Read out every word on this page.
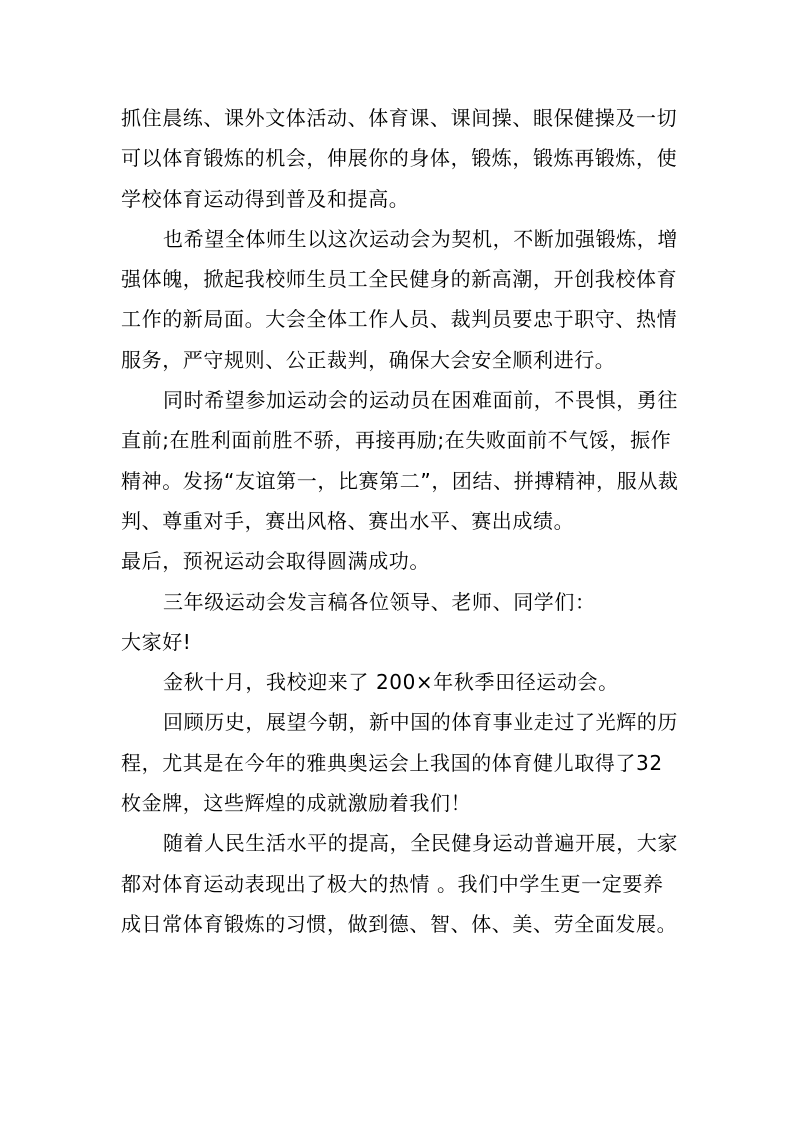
抓住晨练、课外文体活动、体育课、课间操、眼保健操及一切可以体育锻炼的机会，伸展你的身体，锻炼，锻炼再锻炼，使学校体育运动得到普及和提高。

也希望全体师生以这次运动会为契机，不断加强锻炼，增强体魄，掀起我校师生员工全民健身的新高潮，开创我校体育工作的新局面。大会全体工作人员、裁判员要忠于职守、热情服务，严守规则、公正裁判，确保大会安全顺利进行。

同时希望参加运动会的运动员在困难面前，不畏惧，勇往直前;在胜利面前胜不骄，再接再励;在失败面前不气馁，振作精神。发扬“友谊第一，比赛第二”，团结、拼搏精神，服从裁判、尊重对手，赛出风格、赛出水平、赛出成绩。

最后，预祝运动会取得圆满成功。

三年级运动会发言稿各位领导、老师、同学们：

大家好!

金秋十月，我校迎来了 200×年秋季田径运动会。

回顾历史，展望今朝，新中国的体育事业走过了光辉的历程，尤其是在今年的雅典奥运会上我国的体育健儿取得了32 枚金牌，这些辉煌的成就激励着我们！

随着人民生活水平的提高，全民健身运动普遍开展，大家都对体育运动表现出了极大的热情 。我们中学生更一定要养成日常体育锻炼的习惯，做到德、智、体、美、劳全面发展。
